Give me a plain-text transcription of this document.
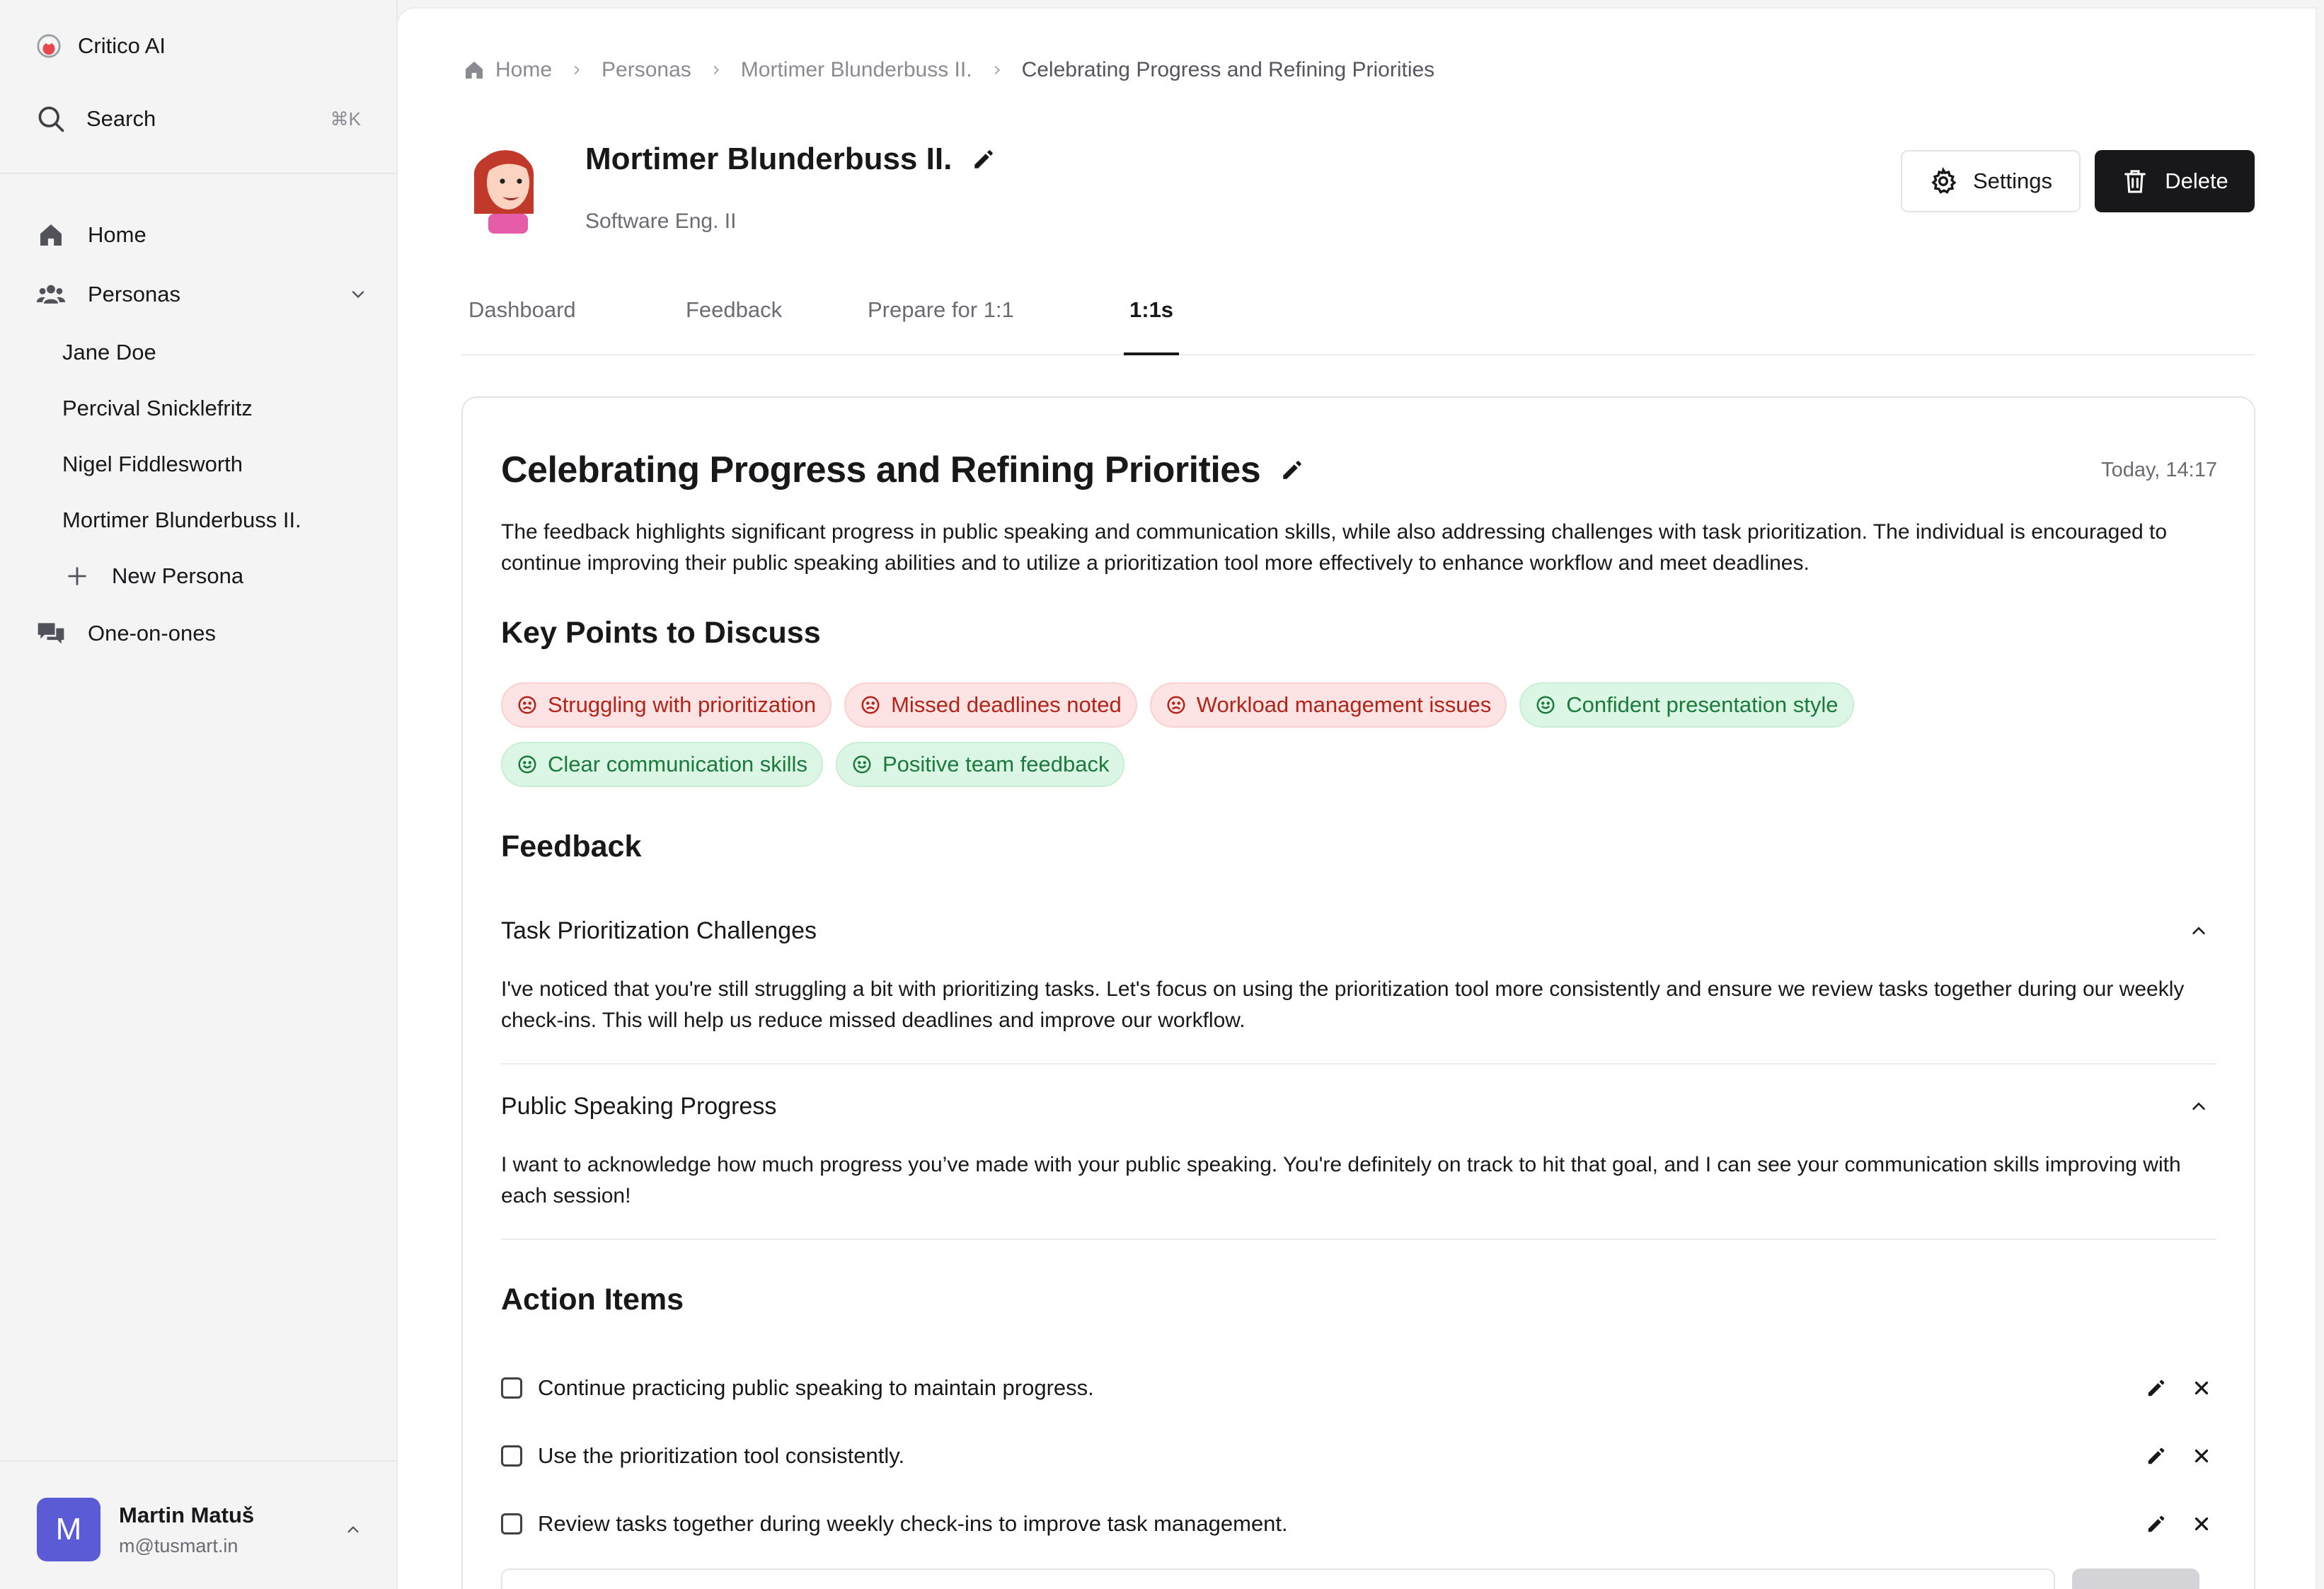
Critico AI
Search	⌘K
Home
Personas
Jane Doe
Percival Snicklefritz
Nigel Fiddlesworth
Mortimer Blunderbuss II.
New Persona
One-on-ones
M	Martin Matuš
m@tusmart.in
Home Personas Mortimer Blunderbuss II. Celebrating Progress and Refining Priorities
Mortimer Blunderbuss II.
Software Eng. II
Settings	Delete
Dashboard	Feedback	Prepare for 1:1	1:1s
Celebrating Progress and Refining Priorities	Today, 14:17

The feedback highlights significant progress in public speaking and communication skills, while also addressing challenges with task prioritization. The individual is encouraged to continue improving their public speaking abilities and to utilize a prioritization tool more effectively to enhance workflow and meet deadlines.

Key Points to Discuss
Struggling with prioritization	Missed deadlines noted	Workload management issues	Confident presentation style
Clear communication skills	Positive team feedback
Feedback
Task Prioritization Challenges

I've noticed that you're still struggling a bit with prioritizing tasks. Let's focus on using the prioritization tool more consistently and ensure we review tasks together during our weekly check-ins. This will help us reduce missed deadlines and improve our workflow.

Public Speaking Progress

I want to acknowledge how much progress you’ve made with your public speaking. You're definitely on track to hit that goal, and I can see your communication skills improving with each session!

Action Items
Continue practicing public speaking to maintain progress.
Use the prioritization tool consistently.
Review tasks together during weekly check-ins to improve task management.
